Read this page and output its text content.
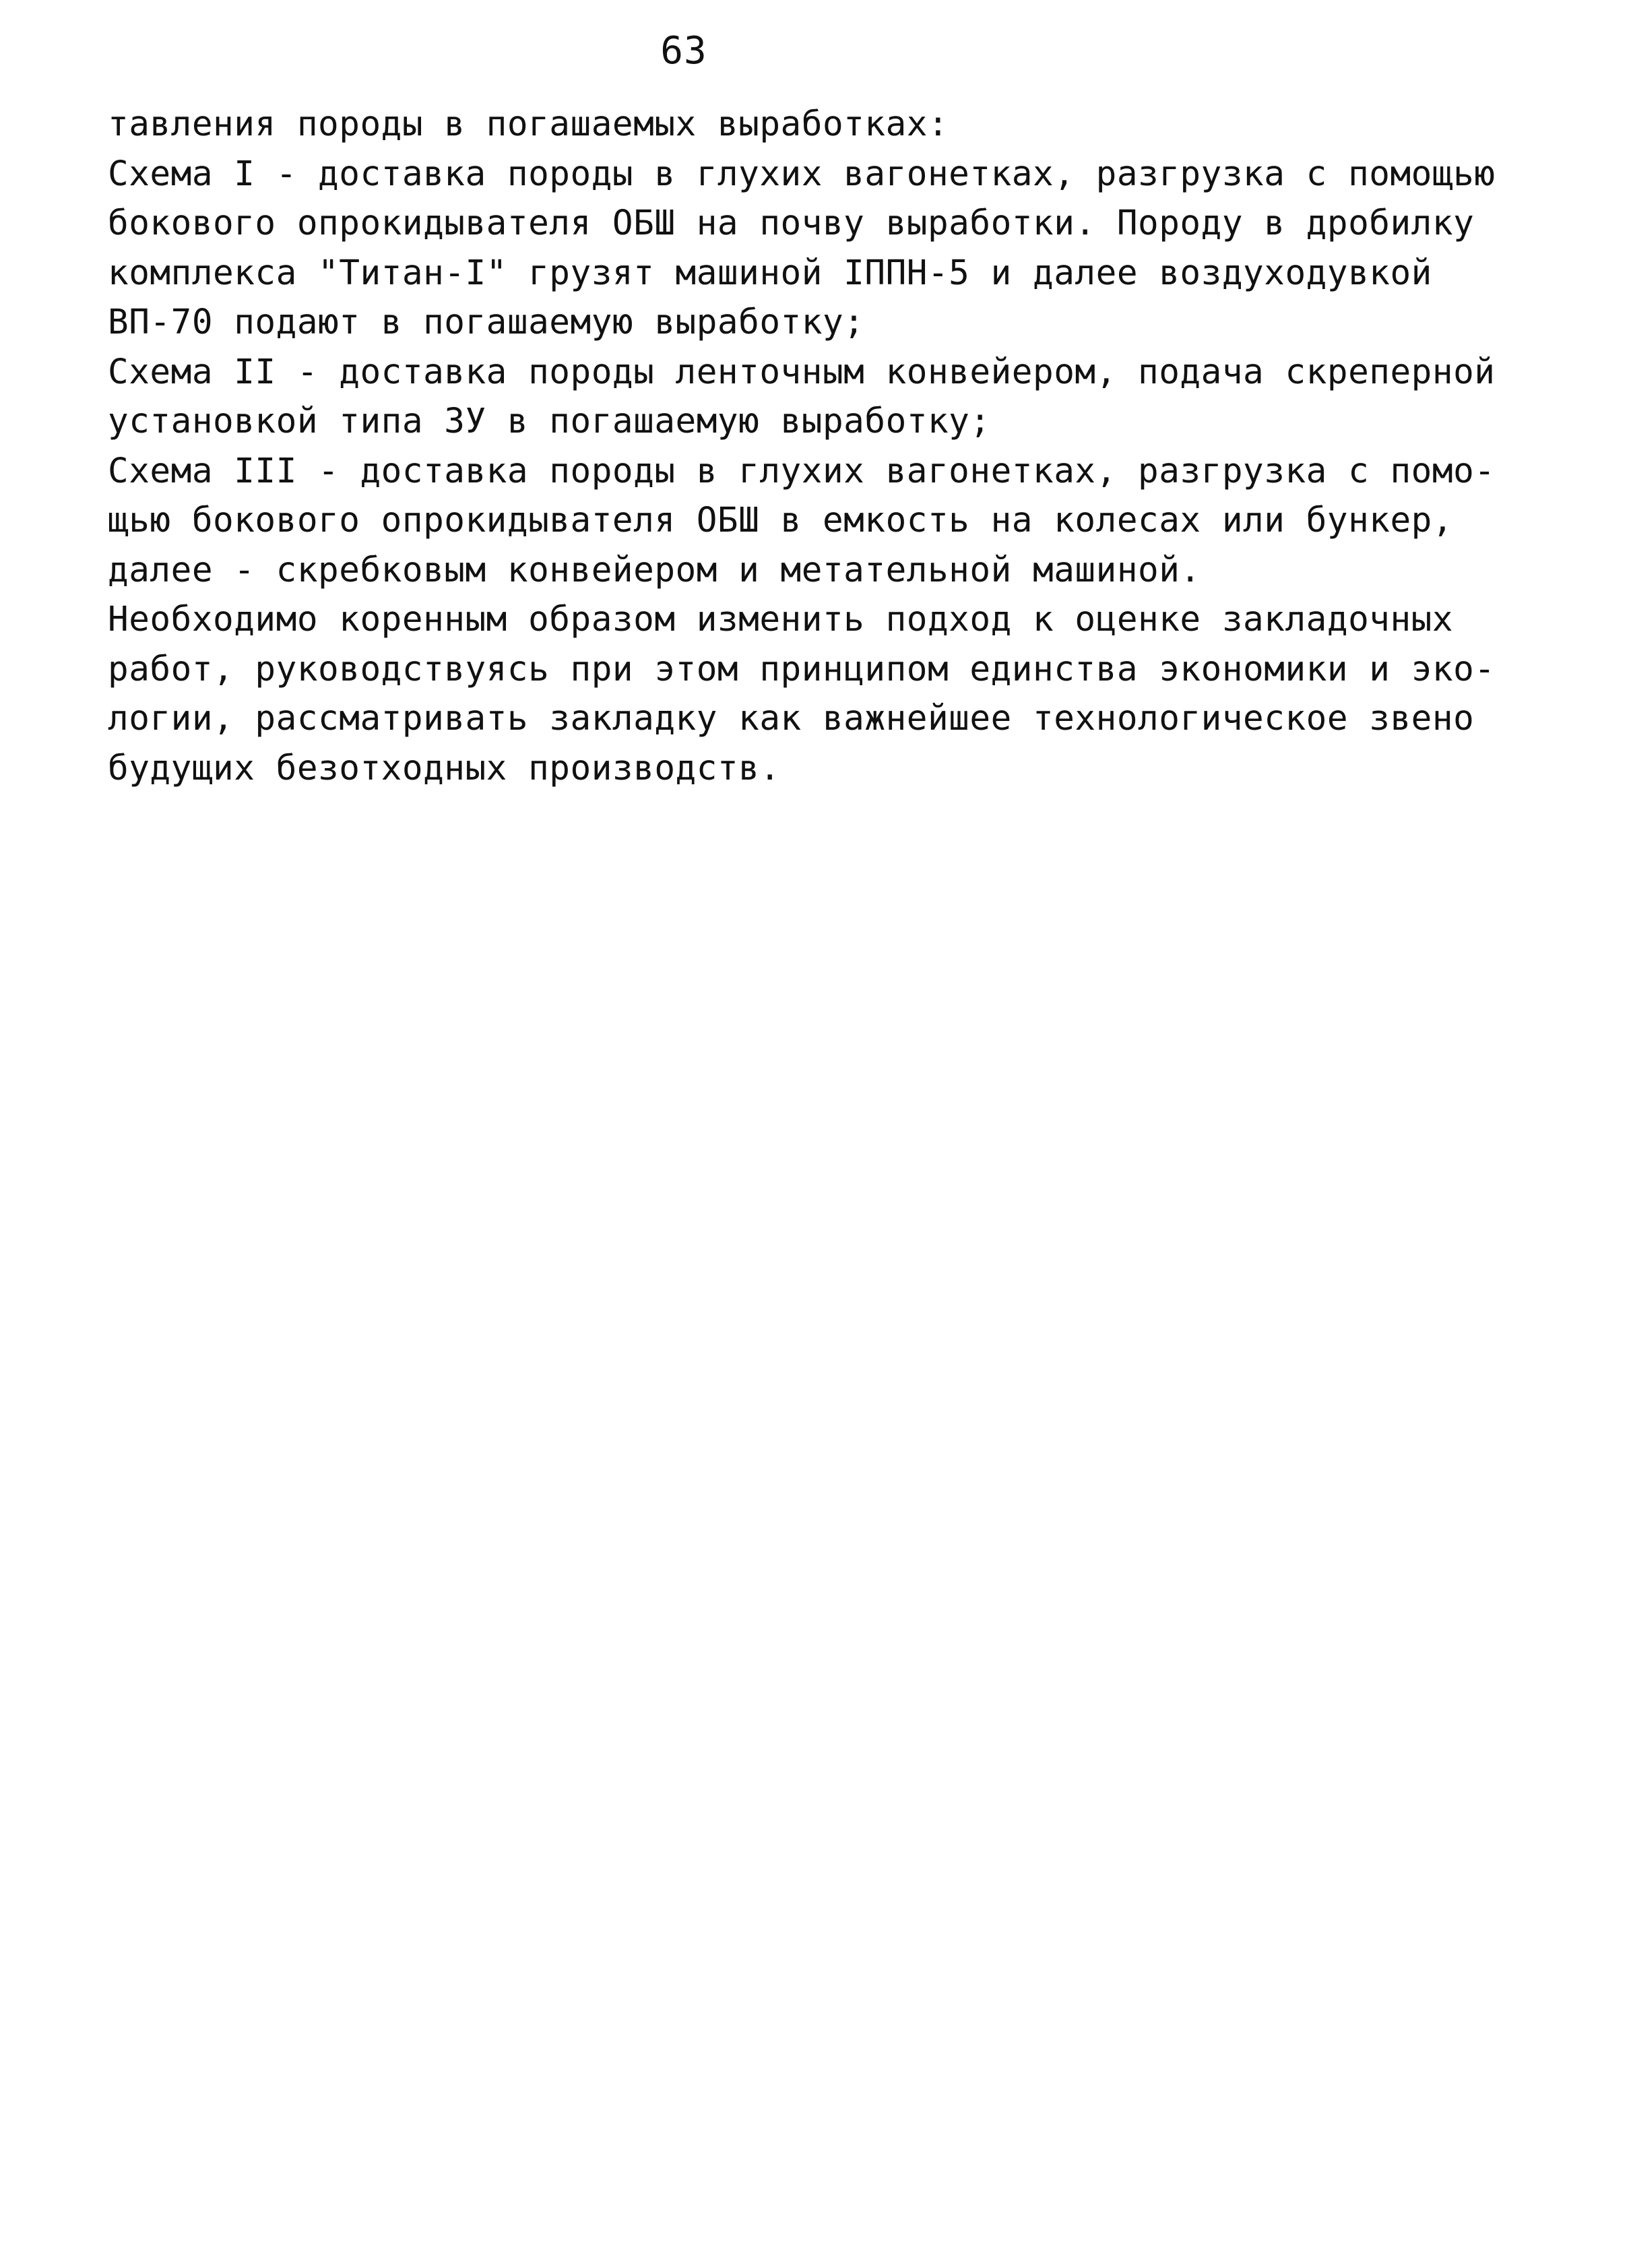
63
тавления породы в погашаемых выработках:
Схема I - доставка породы в глухих вагонетках, разгрузка с помощью
бокового опрокидывателя ОБШ на почву выработки. Породу в дробилку
комплекса "Титан-I" грузят машиной IППН-5 и далее воздуходувкой
ВП-70 подают в погашаемую выработку;
Схема II - доставка породы ленточным конвейером, подача скреперной
установкой типа ЗУ в погашаемую выработку;
Схема III - доставка породы в глухих вагонетках, разгрузка с помо-
щью бокового опрокидывателя ОБШ в емкость на колесах или бункер,
далее - скребковым конвейером и метательной машиной.
Необходимо коренным образом изменить подход к оценке закладочных
работ, руководствуясь при этом принципом единства экономики и эко-
логии, рассматривать закладку как важнейшее технологическое звено
будущих безотходных производств.
